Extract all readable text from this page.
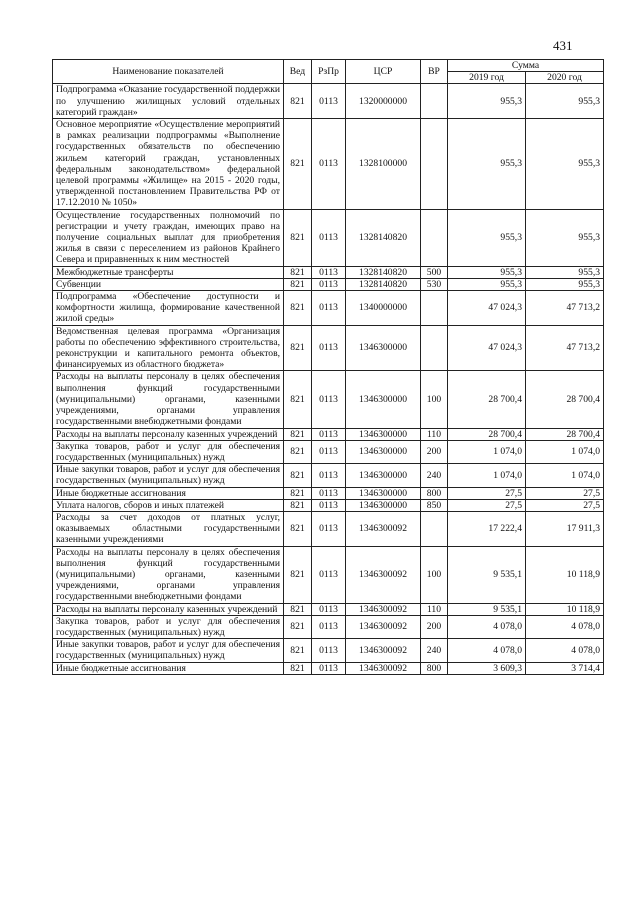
431
Наименование показателей	Вед	РзПр	ЦСР	ВР	Сумма	
					2019 год	2020 год
Подпрограмма «Оказание государственной поддержки по улучшению жилищных условий отдельных категорий граждан»	821	0113	1320000000		955,3	955,3
Основное мероприятие «Осуществление мероприятий в рамках реализации подпрограммы «Выполнение государственных обязательств по обеспечению жильем категорий граждан, установленных федеральным законодательством» федеральной целевой программы «Жилище» на 2015 - 2020 годы, утвержденной постановлением Правительства РФ от 17.12.2010 № 1050»	821	0113	1328100000		955,3	955,3
Осуществление государственных полномочий по регистрации и учету граждан, имеющих право на получение социальных выплат для приобретения жилья в связи с переселением из районов Крайнего Севера и приравненных к ним местностей	821	0113	1328140820		955,3	955,3
Межбюджетные трансферты	821	0113	1328140820	500	955,3	955,3
Субвенции	821	0113	1328140820	530	955,3	955,3
Подпрограмма «Обеспечение доступности и комфортности жилища, формирование качественной жилой среды»	821	0113	1340000000		47 024,3	47 713,2
Ведомственная целевая программа «Организация работы по обеспечению эффективного строительства, реконструкции и капитального ремонта объектов, финансируемых из областного бюджета»	821	0113	1346300000		47 024,3	47 713,2
Расходы на выплаты персоналу в целях обеспечения выполнения функций государственными (муниципальными) органами, казенными учреждениями, органами управления государственными внебюджетными фондами	821	0113	1346300000	100	28 700,4	28 700,4
Расходы на выплаты персоналу казенных учреждений	821	0113	1346300000	110	28 700,4	28 700,4
Закупка товаров, работ и услуг для обеспечения государственных (муниципальных) нужд	821	0113	1346300000	200	1 074,0	1 074,0
Иные закупки товаров, работ и услуг для обеспечения государственных (муниципальных) нужд	821	0113	1346300000	240	1 074,0	1 074,0
Иные бюджетные ассигнования	821	0113	1346300000	800	27,5	27,5
Уплата налогов, сборов и иных платежей	821	0113	1346300000	850	27,5	27,5
Расходы за счет доходов от платных услуг, оказываемых областными государственными казенными учреждениями	821	0113	1346300092		17 222,4	17 911,3
Расходы на выплаты персоналу в целях обеспечения выполнения функций государственными (муниципальными) органами, казенными учреждениями, органами управления государственными внебюджетными фондами	821	0113	1346300092	100	9 535,1	10 118,9
Расходы на выплаты персоналу казенных учреждений	821	0113	1346300092	110	9 535,1	10 118,9
Закупка товаров, работ и услуг для обеспечения государственных (муниципальных) нужд	821	0113	1346300092	200	4 078,0	4 078,0
Иные закупки товаров, работ и услуг для обеспечения государственных (муниципальных) нужд	821	0113	1346300092	240	4 078,0	4 078,0
Иные бюджетные ассигнования	821	0113	1346300092	800	3 609,3	3 714,4
